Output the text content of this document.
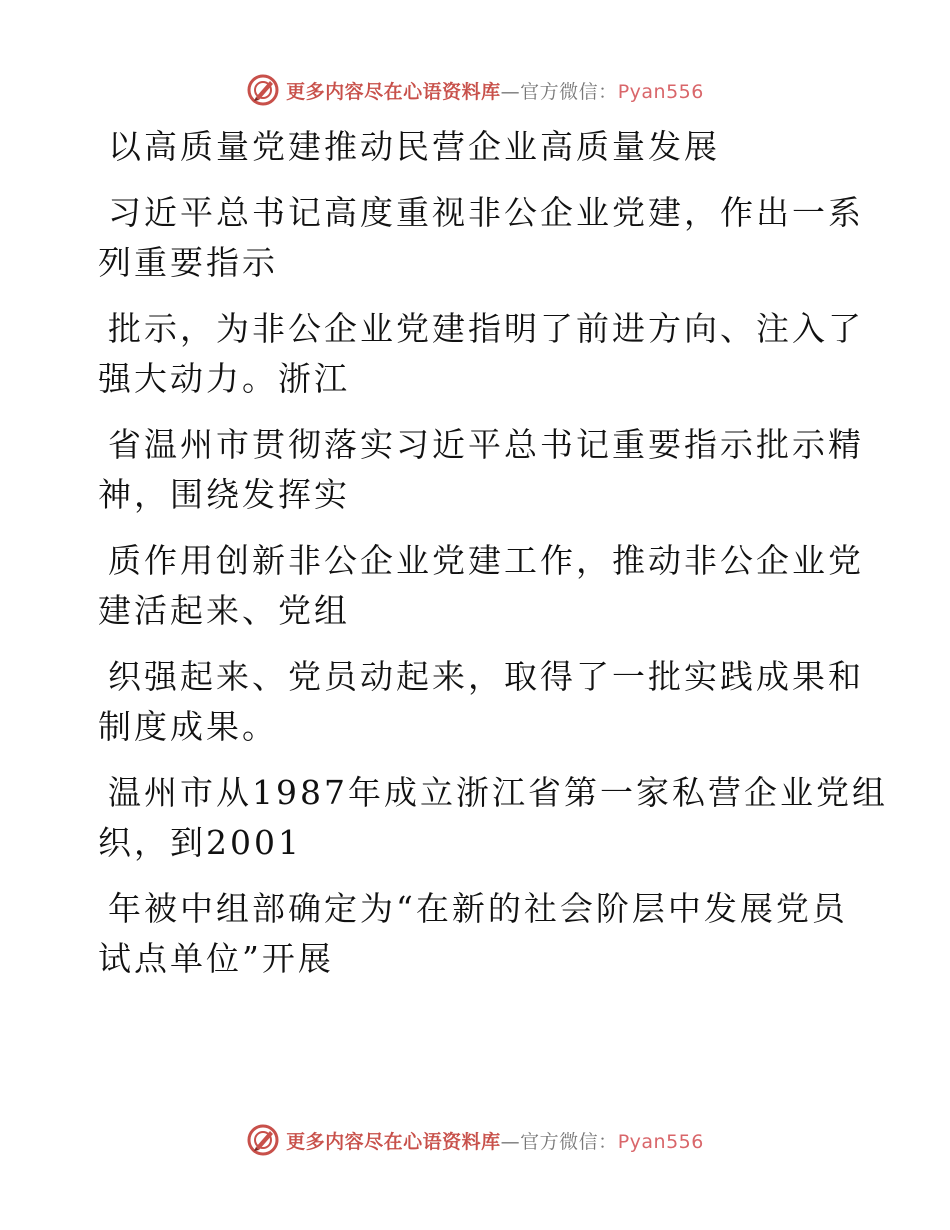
更多内容尽在心语资料库—官方微信：Pyan556
以高质量党建推动民营企业高质量发展
习近平总书记高度重视非公企业党建，作出一系
列重要指示
批示，为非公企业党建指明了前进方向、注入了
强大动力。浙江
省温州市贯彻落实习近平总书记重要指示批示精
神，围绕发挥实
质作用创新非公企业党建工作，推动非公企业党
建活起来、党组
织强起来、党员动起来，取得了一批实践成果和
制度成果。
温州市从1987年成立浙江省第一家私营企业党组
织，到2001
年被中组部确定为“在新的社会阶层中发展党员
试点单位”开展
更多内容尽在心语资料库—官方微信：Pyan556
